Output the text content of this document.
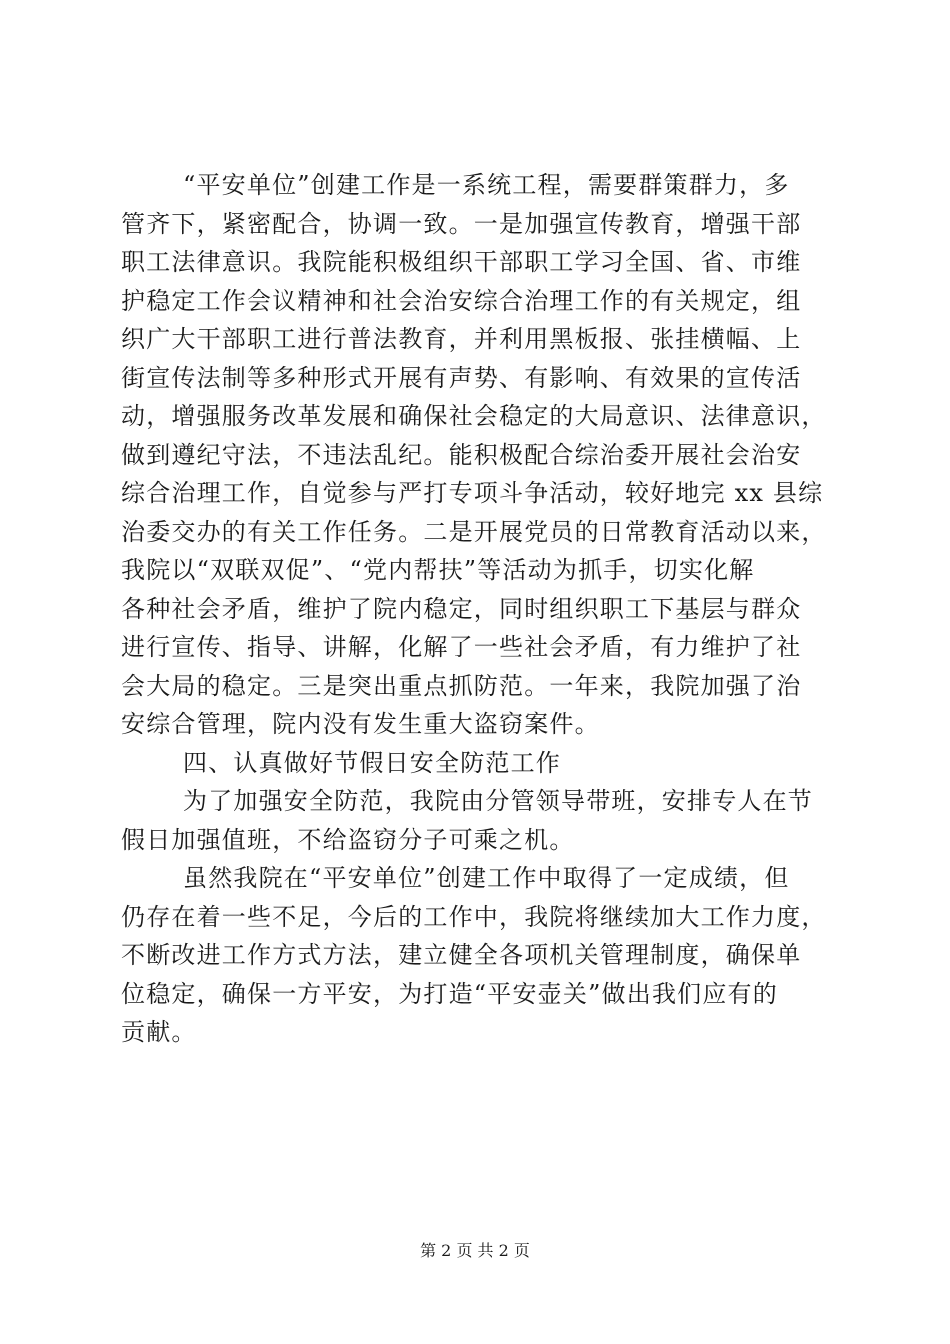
“平安单位”创建工作是一系统工程，需要群策群力，多
管齐下，紧密配合，协调一致。一是加强宣传教育，增强干部
职工法律意识。我院能积极组织干部职工学习全国、省、市维
护稳定工作会议精神和社会治安综合治理工作的有关规定，组
织广大干部职工进行普法教育，并利用黑板报、张挂横幅、上
街宣传法制等多种形式开展有声势、有影响、有效果的宣传活
动，增强服务改革发展和确保社会稳定的大局意识、法律意识，
做到遵纪守法，不违法乱纪。能积极配合综治委开展社会治安
综合治理工作，自觉参与严打专项斗争活动，较好地完 xx 县综
治委交办的有关工作任务。二是开展党员的日常教育活动以来，
我院以“双联双促”、“党内帮扶”等活动为抓手，切实化解
各种社会矛盾，维护了院内稳定，同时组织职工下基层与群众
进行宣传、指导、讲解，化解了一些社会矛盾，有力维护了社
会大局的稳定。三是突出重点抓防范。一年来，我院加强了治
安综合管理，院内没有发生重大盗窃案件。
四、认真做好节假日安全防范工作
为了加强安全防范，我院由分管领导带班，安排专人在节
假日加强值班，不给盗窃分子可乘之机。
虽然我院在“平安单位”创建工作中取得了一定成绩，但
仍存在着一些不足，今后的工作中，我院将继续加大工作力度，
不断改进工作方式方法，建立健全各项机关管理制度，确保单
位稳定，确保一方平安，为打造“平安壶关”做出我们应有的
贡献。
第 2 页 共 2 页
